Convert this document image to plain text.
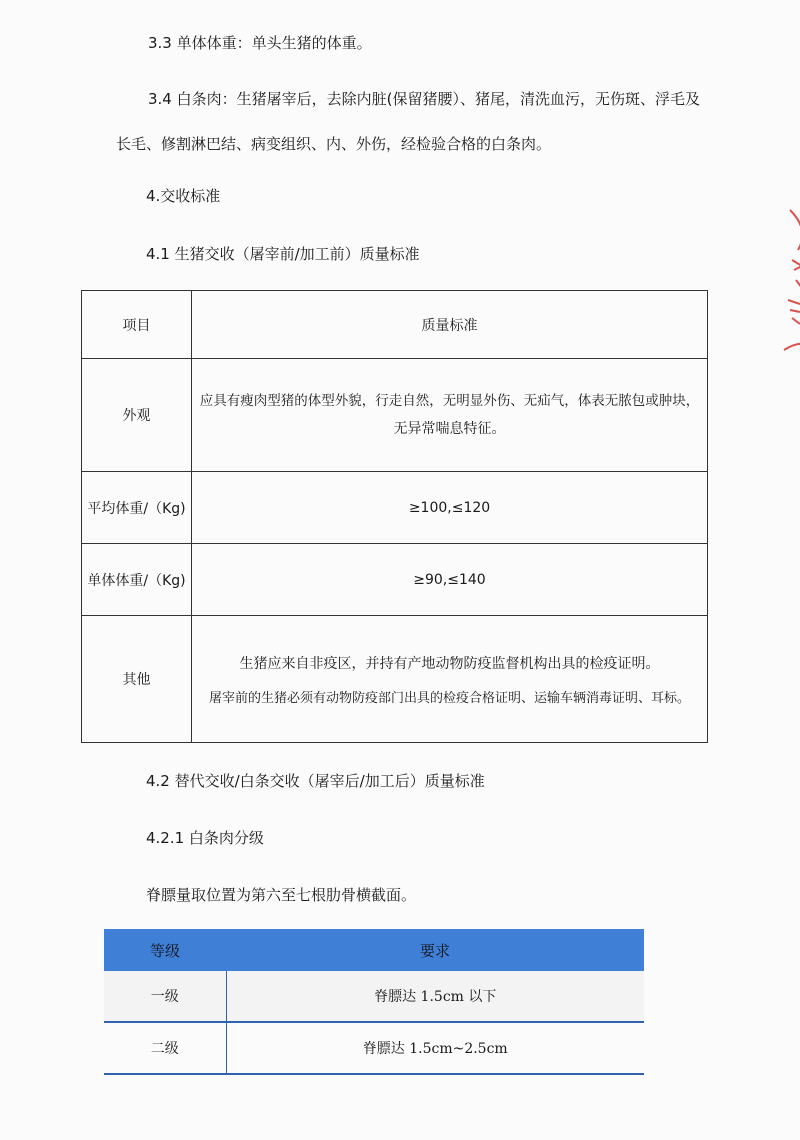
3.3 单体体重：单头生猪的体重。
3.4 白条肉：生猪屠宰后，去除内脏(保留猪腰）、猪尾，清洗血污，无伤斑、浮毛及
长毛、修割淋巴结、病变组织、内、外伤，经检验合格的白条肉。
4.交收标准
4.1 生猪交收（屠宰前/加工前）质量标准
项目	质量标准
外观	应具有瘦肉型猪的体型外貌，行走自然，无明显外伤、无疝气，体表无脓包或肿块，
无异常喘息特征。

平均体重/（Kg)	≥100,≤120
单体体重/（Kg)	≥90,≤140
其他	生猪应来自非疫区，并持有产地动物防疫监督机构出具的检疫证明。
屠宰前的生猪必须有动物防疫部门出具的检疫合格证明、运输车辆消毒证明、耳标。
4.2 替代交收/白条交收（屠宰后/加工后）质量标准
4.2.1 白条肉分级
脊膘量取位置为第六至七根肋骨横截面。
等级	要求
一级	脊膘达 1.5cm 以下
二级	脊膘达 1.5cm~2.5cm
